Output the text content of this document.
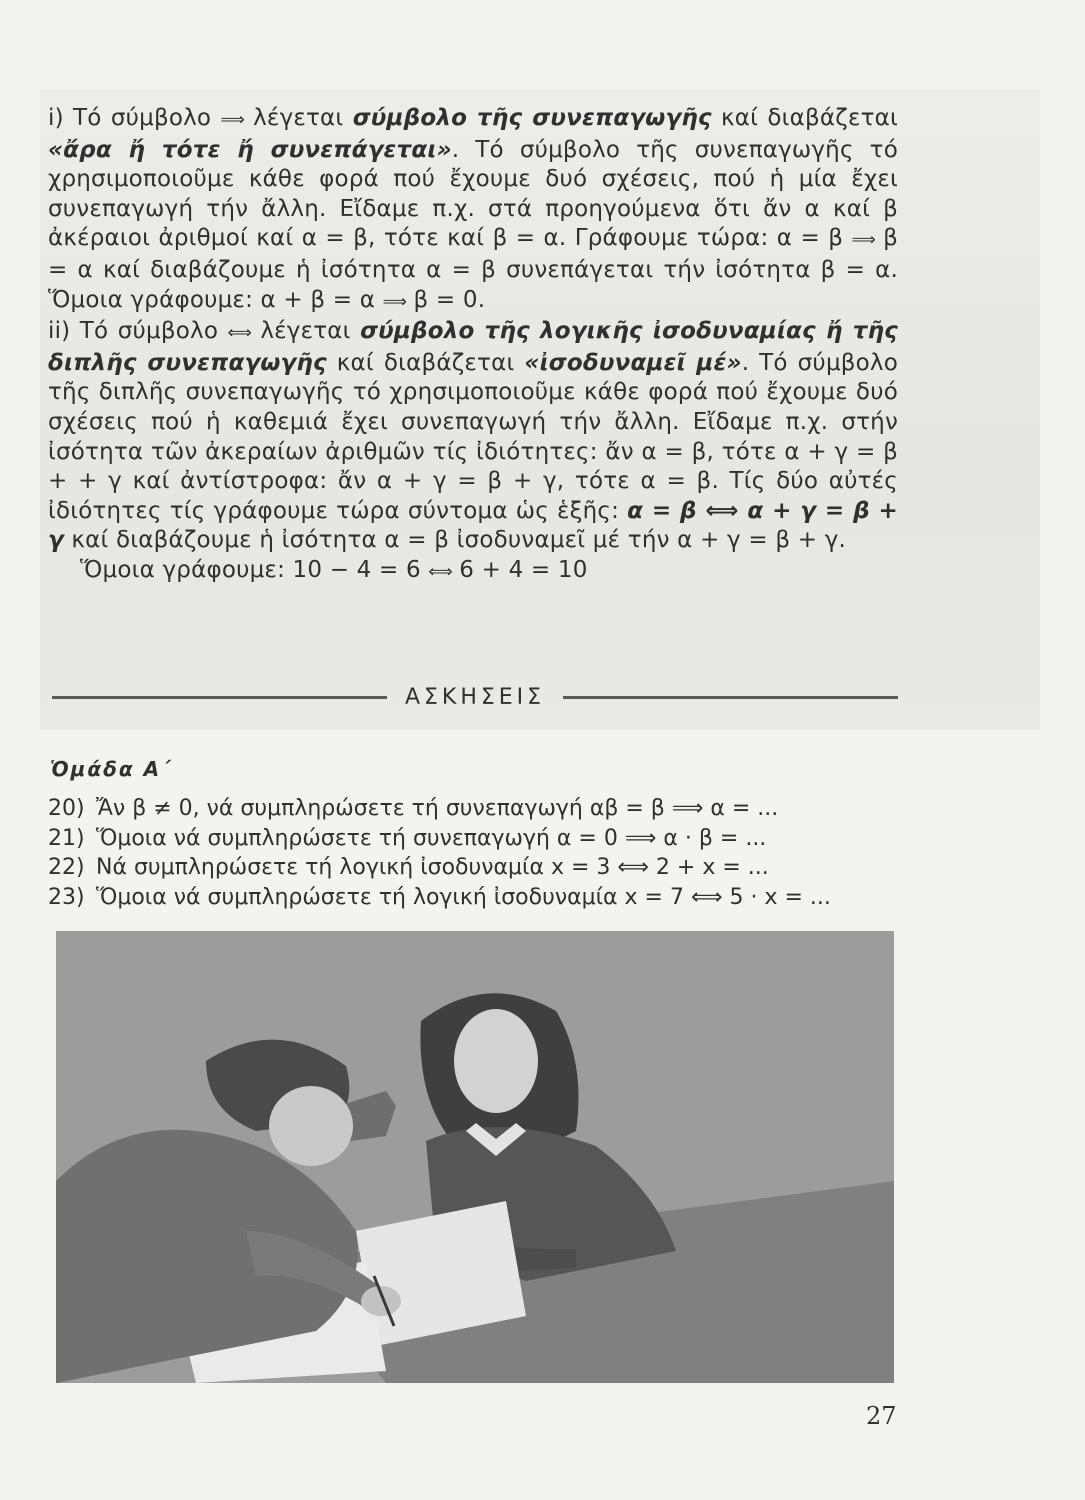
i) Τό σύμβολο ⟹ λέγεται σύμβολο τῆς συνεπαγωγῆς καί διαβάζεται «ἄρα ἤ τότε ἤ συνεπάγεται». Τό σύμβολο τῆς συνεπαγωγῆς τό χρησιμοποιοῦμε κάθε φορά πού ἔχουμε δυό σχέσεις, πού ἡ μία ἔχει συνεπαγωγή τήν ἄλλη. Εἴδαμε π.χ. στά προηγούμενα ὅτι ἄν α καί β ἀκέραιοι ἀριθμοί καί α = β, τότε καί β = α. Γράφουμε τώρα: α = β ⟹ β = α καί διαβάζουμε ἡ ἰσότητα α = β συνεπάγεται τήν ἰσότητα β = α. Ὅμοια γράφουμε: α + β = α ⟹ β = 0.

ii) Τό σύμβολο ⟺ λέγεται σύμβολο τῆς λογικῆς ἰσοδυναμίας ἤ τῆς διπλῆς συνεπαγωγῆς καί διαβάζεται «ἰσοδυναμεῖ μέ». Τό σύμβολο τῆς διπλῆς συνεπαγωγῆς τό χρησιμοποιοῦμε κάθε φορά πού ἔχουμε δυό σχέσεις πού ἡ καθεμιά ἔχει συνεπαγωγή τήν ἄλλη. Εἴδαμε π.χ. στήν ἰσότητα τῶν ἀκεραίων ἀριθμῶν τίς ἰδιότητες: ἄν α = β, τότε α + γ = β + + γ καί ἀντίστροφα: ἄν α + γ = β + γ, τότε α = β. Τίς δύο αὐτές ἰδιότητες τίς γράφουμε τώρα σύντομα ὡς ἑξῆς: α = β ⟺ α + γ = β + γ καί διαβάζουμε ἡ ἰσότητα α = β ἰσοδυναμεῖ μέ τήν α + γ = β + γ.

Ὅμοια γράφουμε: 10 − 4 = 6 ⟺ 6 + 4 = 10

ΑΣΚΗΣΕΙΣ
Ὁμάδα Α΄
20) Ἄν β ≠ 0, νά συμπληρώσετε τή συνεπαγωγή αβ = β ⟹ α = ...
21) Ὅμοια νά συμπληρώσετε τή συνεπαγωγή α = 0 ⟹ α · β = ...
22) Νά συμπληρώσετε τή λογική ἰσοδυναμία x = 3 ⟺ 2 + x = ...
23) Ὅμοια νά συμπληρώσετε τή λογική ἰσοδυναμία x = 7 ⟺ 5 · x = ...
27
